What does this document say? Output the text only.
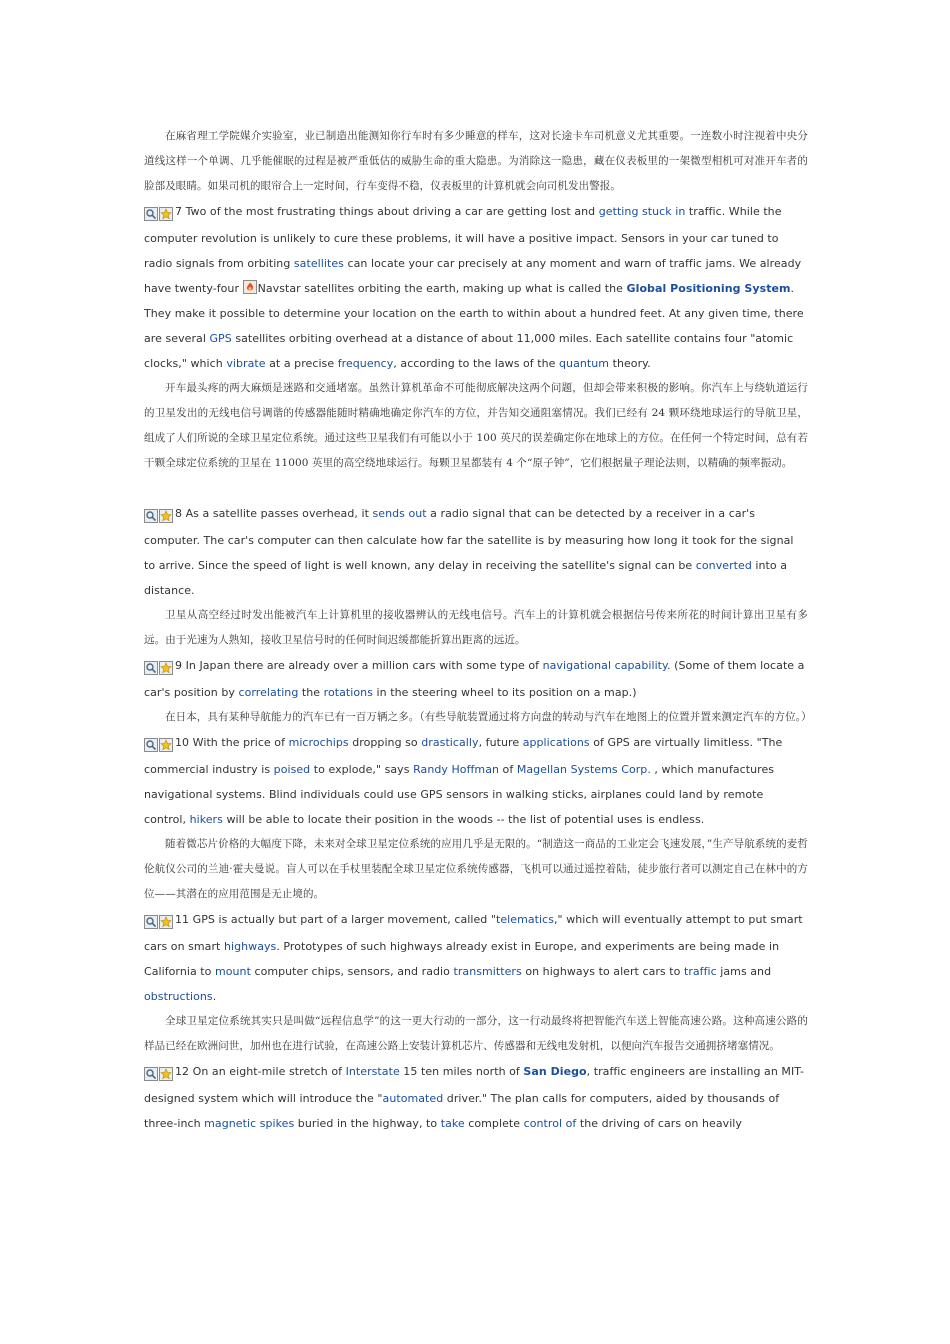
在麻省理工学院媒介实验室，业已制造出能测知你行车时有多少睡意的样车，这对长途卡车司机意义尤其重要。一连数小时注视着中央分道线这样一个单调、几乎能催眠的过程是被严重低估的威胁生命的重大隐患。为消除这一隐患，藏在仪表板里的一架微型相机可对准开车者的脸部及眼睛。如果司机的眼帘合上一定时间，行车变得不稳，仪表板里的计算机就会向司机发出警报。

7 Two of the most frustrating things about driving a car are getting lost and getting stuck in traffic. While the computer revolution is unlikely to cure these problems, it will have a positive impact. Sensors in your car tuned to radio signals from orbiting satellites can locate your car precisely at any moment and warn of traffic jams. We already have twenty-four
Navstar satellites orbiting the earth, making up what is called the Global Positioning System. They make it possible to determine your location on the earth to within about a hundred feet. At any given time, there are several GPS satellites orbiting overhead at a distance of about 11,000 miles. Each satellite contains four "atomic clocks," which vibrate at a precise frequency, according to the laws of the quantum theory.

开车最头疼的两大麻烦是迷路和交通堵塞。虽然计算机革命不可能彻底解决这两个问题，但却会带来积极的影响。你汽车上与绕轨道运行的卫星发出的无线电信号调谐的传感器能随时精确地确定你汽车的方位，并告知交通阻塞情况。我们已经有 24 颗环绕地球运行的导航卫星，组成了人们所说的全球卫星定位系统。通过这些卫星我们有可能以小于 100 英尺的误差确定你在地球上的方位。在任何一个特定时间，总有若干颗全球定位系统的卫星在 11000 英里的高空绕地球运行。每颗卫星都装有 4 个“原子钟”，它们根据量子理论法则，以精确的频率振动。

8 As a satellite passes overhead, it sends out a radio signal that can be detected by a receiver in a car's computer. The car's computer can then calculate how far the satellite is by measuring how long it took for the signal to arrive. Since the speed of light is well known, any delay in receiving the satellite's signal can be converted into a distance.

卫星从高空经过时发出能被汽车上计算机里的接收器辨认的无线电信号。汽车上的计算机就会根据信号传来所花的时间计算出卫星有多远。由于光速为人熟知，接收卫星信号时的任何时间迟缓都能折算出距离的远近。

9 In Japan there are already over a million cars with some type of navigational capability. (Some of them locate a car's position by correlating the rotations in the steering wheel to its position on a map.)

在日本，具有某种导航能力的汽车已有一百万辆之多。（有些导航装置通过将方向盘的转动与汽车在地图上的位置并置来测定汽车的方位。）

10 With the price of microchips dropping so drastically, future applications of GPS are virtually limitless. "The commercial industry is poised to explode," says Randy Hoffman of Magellan Systems Corp. , which manufactures navigational systems. Blind individuals could use GPS sensors in walking sticks, airplanes could land by remote control, hikers will be able to locate their position in the woods -- the list of potential uses is endless.

随着微芯片价格的大幅度下降，未来对全球卫星定位系统的应用几乎是无限的。“制造这一商品的工业定会飞速发展，”生产导航系统的麦哲伦航仪公司的兰迪·霍夫曼说。盲人可以在手杖里装配全球卫星定位系统传感器，飞机可以通过遥控着陆，徒步旅行者可以测定自己在林中的方位——其潜在的应用范围是无止境的。

11 GPS is actually but part of a larger movement, called "telematics," which will eventually attempt to put smart cars on smart highways. Prototypes of such highways already exist in Europe, and experiments are being made in California to mount computer chips, sensors, and radio transmitters on highways to alert cars to traffic jams and obstructions.

全球卫星定位系统其实只是叫做“远程信息学”的这一更大行动的一部分，这一行动最终将把智能汽车送上智能高速公路。这种高速公路的样品已经在欧洲问世，加州也在进行试验，在高速公路上安装计算机芯片、传感器和无线电发射机，以便向汽车报告交通拥挤堵塞情况。

12 On an eight-mile stretch of Interstate 15 ten miles north of San Diego, traffic engineers are installing an MIT-designed system which will introduce the "automated driver." The plan calls for computers, aided by thousands of three-inch magnetic spikes buried in the highway, to take complete control of the driving of cars on heavily
